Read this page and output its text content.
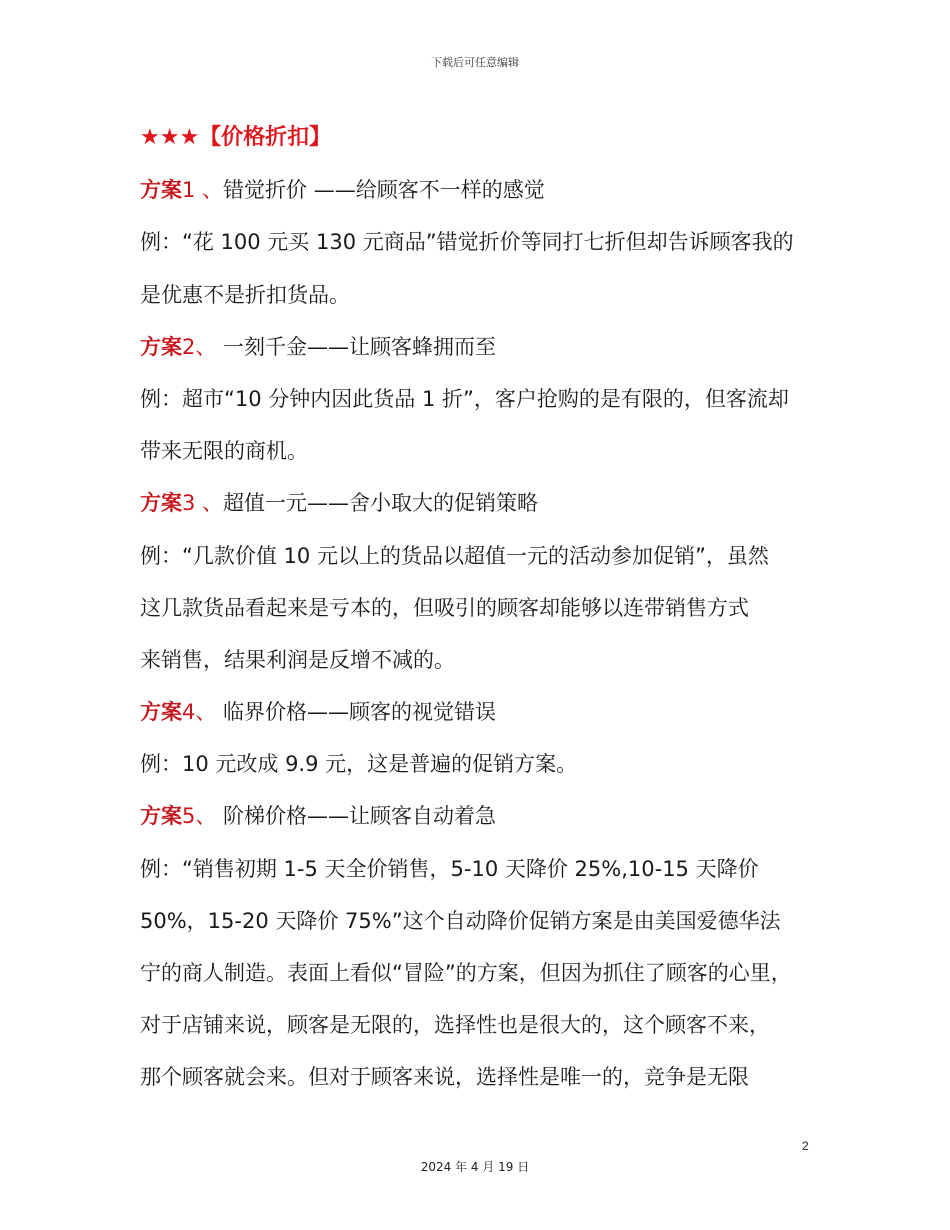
下载后可任意编辑
★★★【价格折扣】
方案1 、错觉折价 ——给顾客不一样的感觉
例：“花 100 元买 130 元商品”错觉折价等同打七折但却告诉顾客我的
是优惠不是折扣货品。
方案2、 一刻千金——让顾客蜂拥而至
例：超市“10 分钟内因此货品 1 折”，客户抢购的是有限的，但客流却
带来无限的商机。
方案3 、超值一元——舍小取大的促销策略
例：“几款价值 10 元以上的货品以超值一元的活动参加促销”，虽然
这几款货品看起来是亏本的，但吸引的顾客却能够以连带销售方式
来销售，结果利润是反增不减的。
方案4、 临界价格——顾客的视觉错误
例：10 元改成 9.9 元，这是普遍的促销方案。
方案5、 阶梯价格——让顾客自动着急
例：“销售初期 1-5 天全价销售，5-10 天降价 25%,10-15 天降价
50%，15-20 天降价 75%”这个自动降价促销方案是由美国爱德华法
宁的商人制造。表面上看似“冒险”的方案，但因为抓住了顾客的心里，
对于店铺来说，顾客是无限的，选择性也是很大的，这个顾客不来，
那个顾客就会来。但对于顾客来说，选择性是唯一的，竞争是无限
2
2024 年 4 月 19 日
